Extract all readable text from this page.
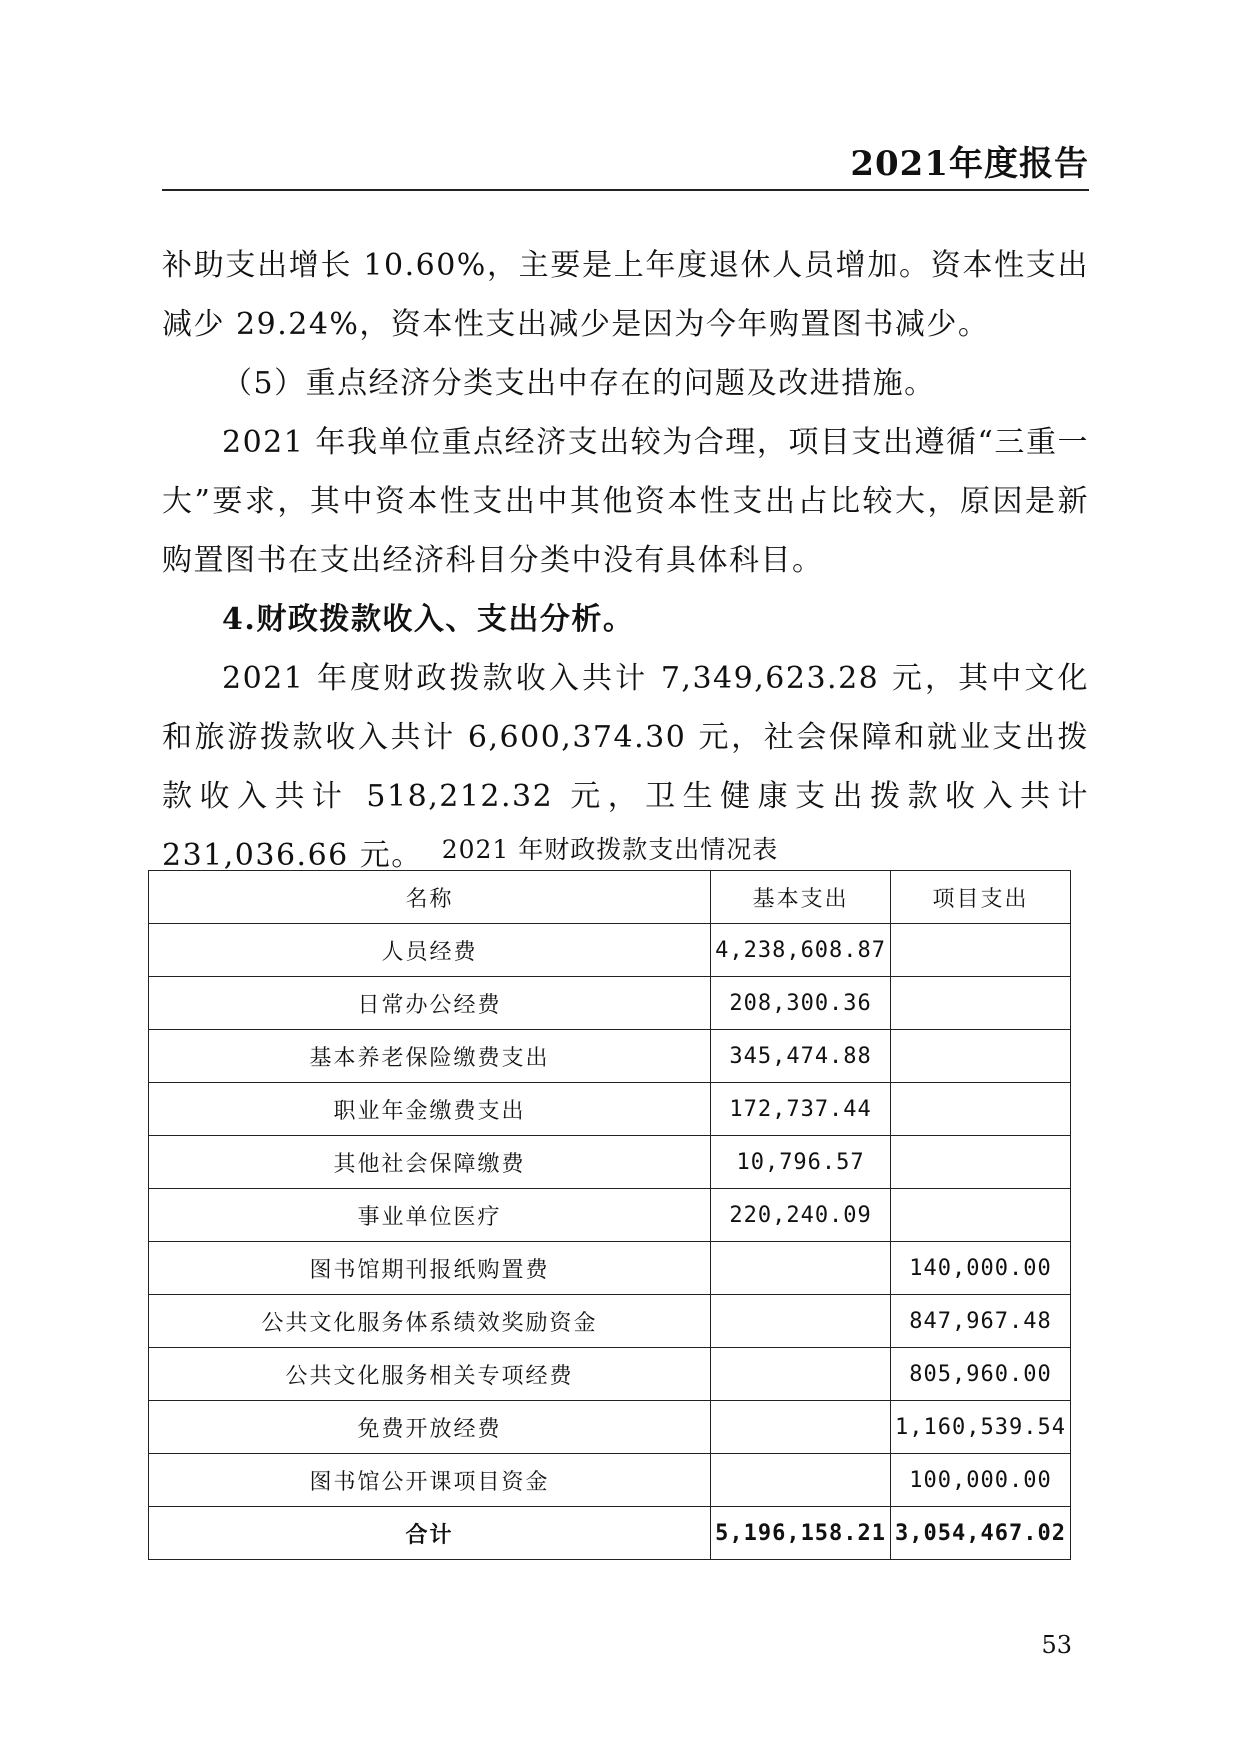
2021年度报告

补助支出增长 10.60%，主要是上年度退休人员增加。资本性支出减少 29.24%，资本性支出减少是因为今年购置图书减少。

（5）重点经济分类支出中存在的问题及改进措施。

2021 年我单位重点经济支出较为合理，项目支出遵循“三重一大”要求，其中资本性支出中其他资本性支出占比较大，原因是新购置图书在支出经济科目分类中没有具体科目。

4.财政拨款收入、支出分析。

2021 年度财政拨款收入共计 7,349,623.28 元，其中文化和旅游拨款收入共计 6,600,374.30 元，社会保障和就业支出拨款收入共计 518,212.32 元，卫生健康支出拨款收入共计 231,036.66 元。 2021 年财政拨款支出情况表
名称	基本支出	项目支出
人员经费	4,238,608.87	
日常办公经费	208,300.36	
基本养老保险缴费支出	345,474.88	
职业年金缴费支出	172,737.44	
其他社会保障缴费	10,796.57	
事业单位医疗	220,240.09	
图书馆期刊报纸购置费		140,000.00
公共文化服务体系绩效奖励资金		847,967.48
公共文化服务相关专项经费		805,960.00
免费开放经费		1,160,539.54
图书馆公开课项目资金		100,000.00
合计	5,196,158.21	3,054,467.02
53
